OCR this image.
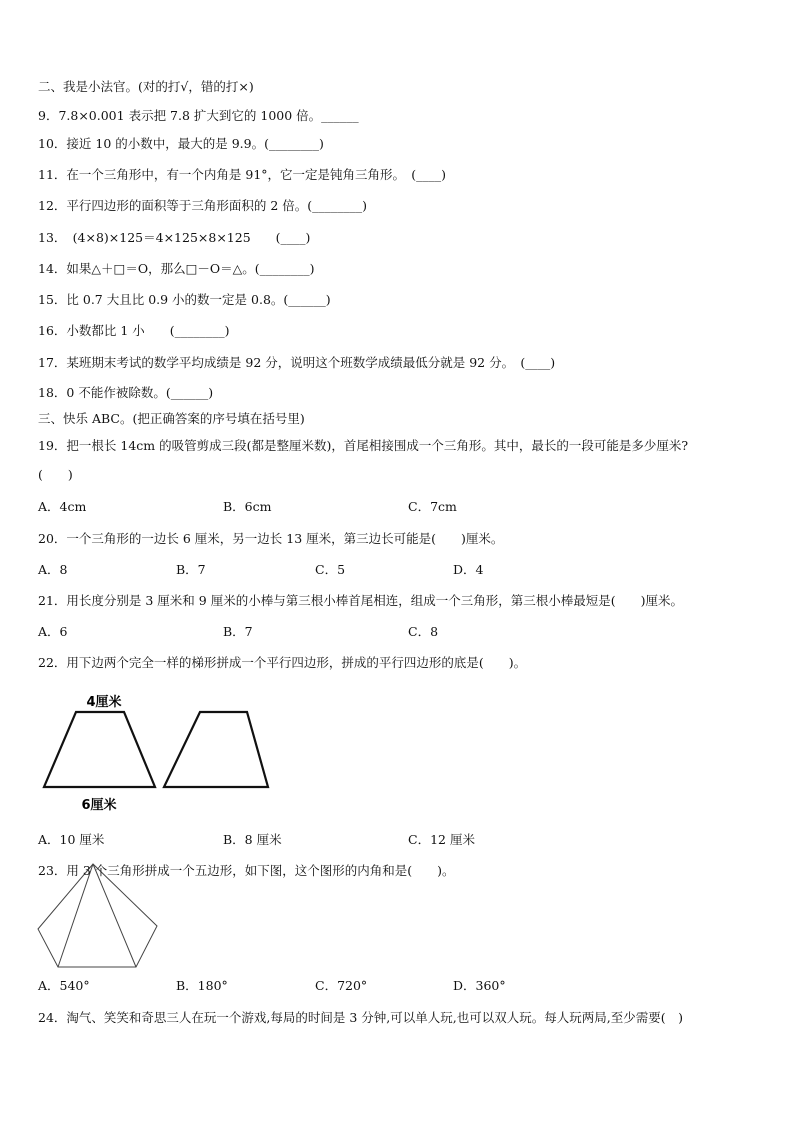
二、我是小法官。(对的打√，错的打×)
9．7.8×0.001 表示把 7.8 扩大到它的 1000 倍。______
10．接近 10 的小数中，最大的是 9.9。(________)
11．在一个三角形中，有一个内角是 91°，它一定是钝角三角形。　(____)
12．平行四边形的面积等于三角形面积的 2 倍。(________)
13．　(4×8)×125＝4×125×8×125　　(____)
14．如果△＋□＝O，那么□－O＝△。(________)
15．比 0.7 大且比 0.9 小的数一定是 0.8。(______)
16．小数都比 1 小　　(________)
17．某班期末考试的数学平均成绩是 92 分，说明这个班数学成绩最低分就是 92 分。　(____)
18．0 不能作被除数。(______)
三、快乐 ABC。(把正确答案的序号填在括号里)
19．把一根长 14cm 的吸管剪成三段(都是整厘米数)，首尾相接围成一个三角形。其中，最长的一段可能是多少厘米?
(　　)
A．4cm	B．6cm	C．7cm
20．一个三角形的一边长 6 厘米，另一边长 13 厘米，第三边长可能是(　　)厘米。
A．8	B．7	C．5	D．4
21．用长度分别是 3 厘米和 9 厘米的小棒与第三根小棒首尾相连，组成一个三角形，第三根小棒最短是(　　)厘米。
A．6	B．7	C．8
22．用下边两个完全一样的梯形拼成一个平行四边形，拼成的平行四边形的底是(　　)。
4厘米
6厘米
A．10 厘米	B．8 厘米	C．12 厘米
23．用 3 个三角形拼成一个五边形，如下图，这个图形的内角和是(　　)。
A．540°	B．180°	C．720°	D．360°
24．淘气、笑笑和奇思三人在玩一个游戏,每局的时间是 3 分钟,可以单人玩,也可以双人玩。每人玩两局,至少需要(　)
